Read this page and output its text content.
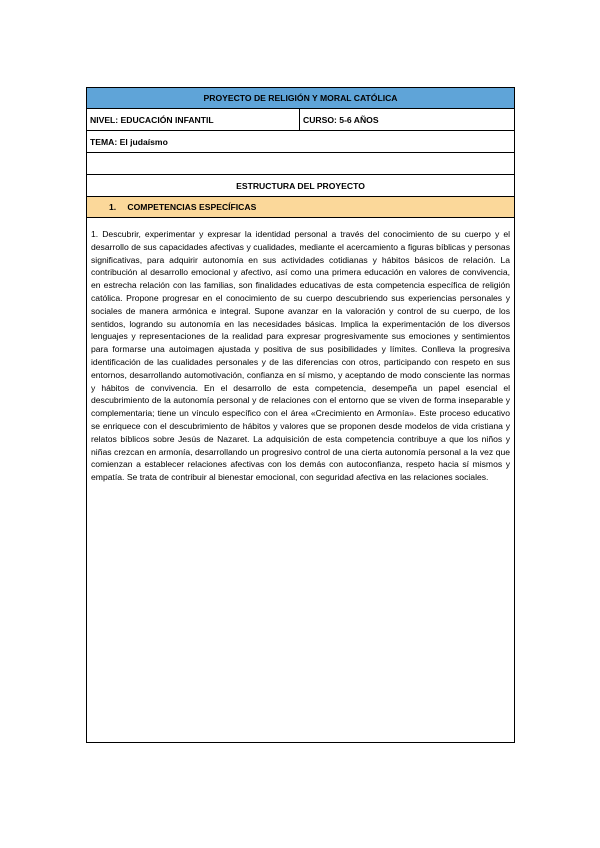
PROYECTO DE RELIGIÓN Y MORAL CATÓLICA
NIVEL: EDUCACIÓN INFANTIL	CURSO: 5-6 AÑOS
TEMA: El judaísmo

ESTRUCTURA DEL PROYECTO
1. COMPETENCIAS ESPECÍFICAS
1. Descubrir, experimentar y expresar la identidad personal a través del conocimiento de su cuerpo y el desarrollo de sus capacidades afectivas y cualidades, mediante el acercamiento a figuras bíblicas y personas significativas, para adquirir autonomía en sus actividades cotidianas y hábitos básicos de relación. La contribución al desarrollo emocional y afectivo, así como una primera educación en valores de convivencia, en estrecha relación con las familias, son finalidades educativas de esta competencia específica de religión católica. Propone progresar en el conocimiento de su cuerpo descubriendo sus experiencias personales y sociales de manera armónica e integral. Supone avanzar en la valoración y control de su cuerpo, de los sentidos, logrando su autonomía en las necesidades básicas. Implica la experimentación de los diversos lenguajes y representaciones de la realidad para expresar progresivamente sus emociones y sentimientos para formarse una autoimagen ajustada y positiva de sus posibilidades y límites. Conlleva la progresiva identificación de las cualidades personales y de las diferencias con otros, participando con respeto en sus entornos, desarrollando automotivación, confianza en sí mismo, y aceptando de modo consciente las normas y hábitos de convivencia. En el desarrollo de esta competencia, desempeña un papel esencial el descubrimiento de la autonomía personal y de relaciones con el entorno que se viven de forma inseparable y complementaria; tiene un vínculo específico con el área «Crecimiento en Armonía». Este proceso educativo se enriquece con el descubrimiento de hábitos y valores que se proponen desde modelos de vida cristiana y relatos bíblicos sobre Jesús de Nazaret. La adquisición de esta competencia contribuye a que los niños y niñas crezcan en armonía, desarrollando un progresivo control de una cierta autonomía personal a la vez que comienzan a establecer relaciones afectivas con los demás con autoconfianza, respeto hacia sí mismos y empatía. Se trata de contribuir al bienestar emocional, con seguridad afectiva en las relaciones sociales.
